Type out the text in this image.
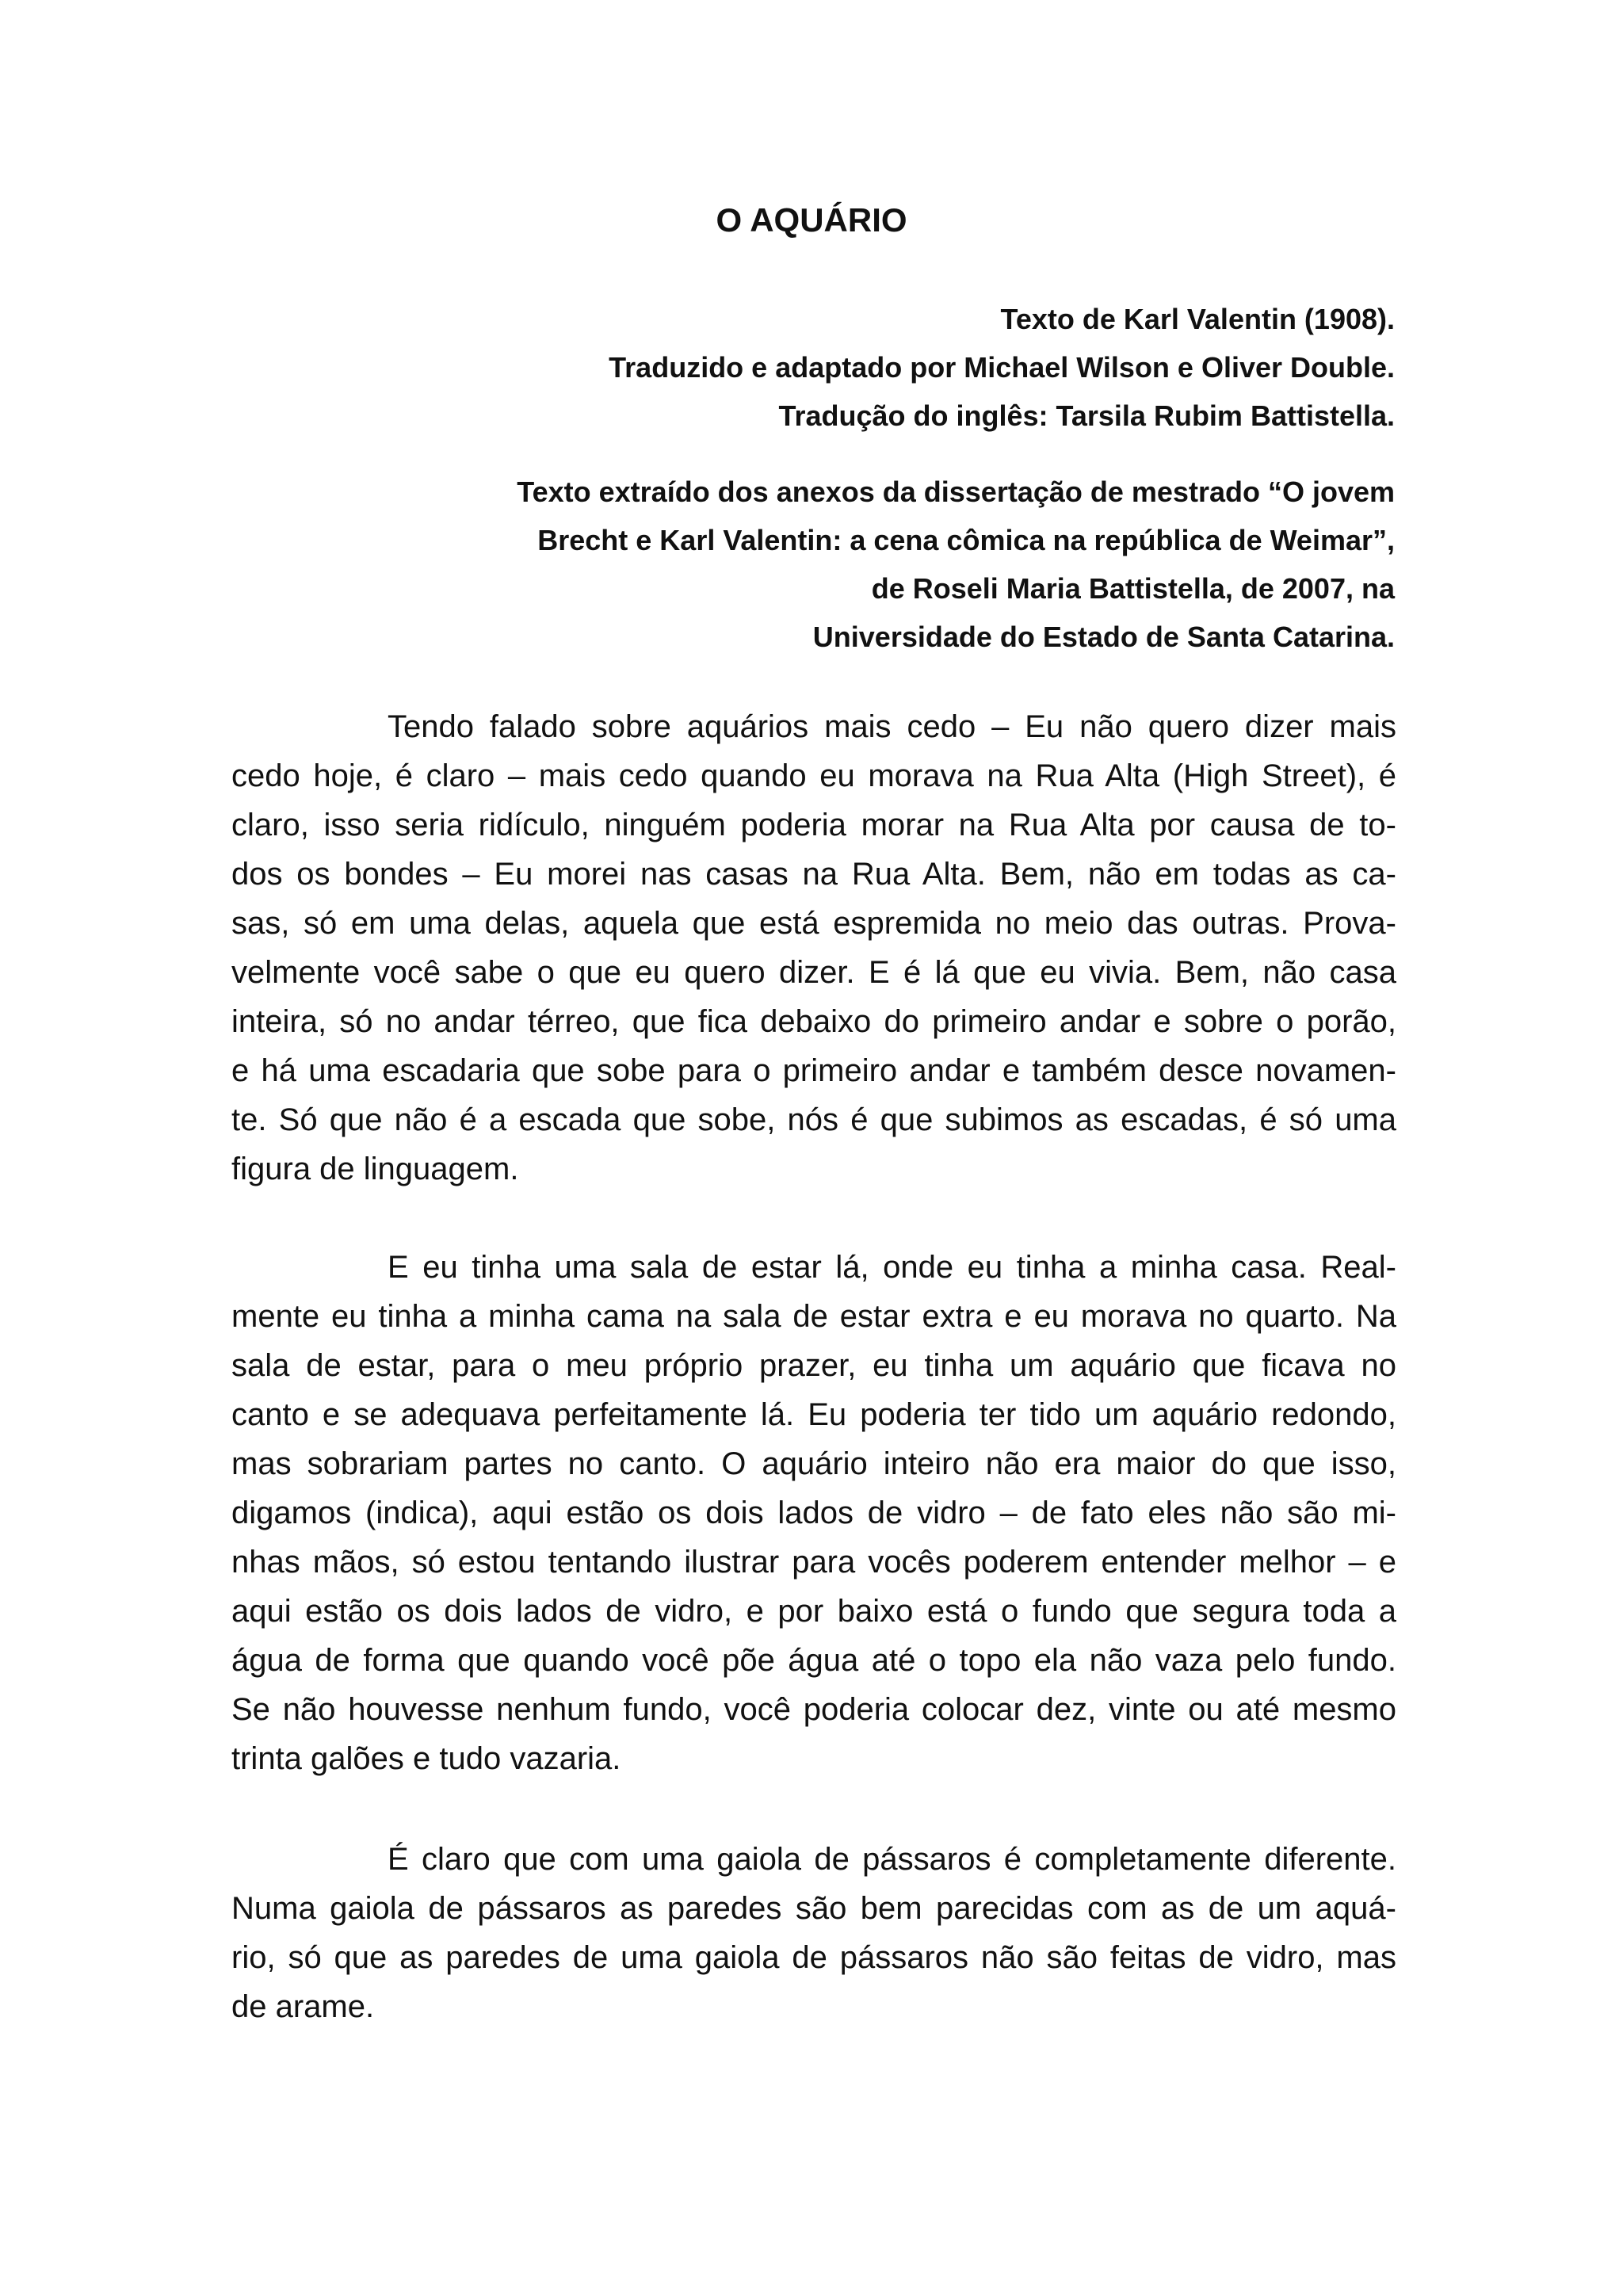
O AQUÁRIO
Texto de Karl Valentin (1908).
Traduzido e adaptado por Michael Wilson e Oliver Double.
Tradução do inglês: Tarsila Rubim Battistella.
Texto extraído dos anexos da dissertação de mestrado “O jovem
Brecht e Karl Valentin: a cena cômica na república de Weimar”,
de Roseli Maria Battistella, de 2007, na
Universidade do Estado de Santa Catarina.
Tendo falado sobre aquários mais cedo – Eu não quero dizer mais
cedo hoje, é claro – mais cedo quando eu morava na Rua Alta (High Street), é
claro, isso seria ridículo, ninguém poderia morar na Rua Alta por causa de to-
dos os bondes – Eu morei nas casas na Rua Alta. Bem, não em todas as ca-
sas, só em uma delas, aquela que está espremida no meio das outras. Prova-
velmente você sabe o que eu quero dizer. E é lá que eu vivia. Bem, não casa
inteira, só no andar térreo, que fica debaixo do primeiro andar e sobre o porão,
e há uma escadaria que sobe para o primeiro andar e também desce novamen-
te. Só que não é a escada que sobe, nós é que subimos as escadas, é só uma
figura de linguagem.
E eu tinha uma sala de estar lá, onde eu tinha a minha casa. Real-
mente eu tinha a minha cama na sala de estar extra e eu morava no quarto. Na
sala de estar, para o meu próprio prazer, eu tinha um aquário que ficava no
canto e se adequava perfeitamente lá. Eu poderia ter tido um aquário redondo,
mas sobrariam partes no canto. O aquário inteiro não era maior do que isso,
digamos (indica), aqui estão os dois lados de vidro – de fato eles não são mi-
nhas mãos, só estou tentando ilustrar para vocês poderem entender melhor – e
aqui estão os dois lados de vidro, e por baixo está o fundo que segura toda a
água de forma que quando você põe água até o topo ela não vaza pelo fundo.
Se não houvesse nenhum fundo, você poderia colocar dez, vinte ou até mesmo
trinta galões e tudo vazaria.
É claro que com uma gaiola de pássaros é completamente diferente.
Numa gaiola de pássaros as paredes são bem parecidas com as de um aquá-
rio, só que as paredes de uma gaiola de pássaros não são feitas de vidro, mas
de arame.
